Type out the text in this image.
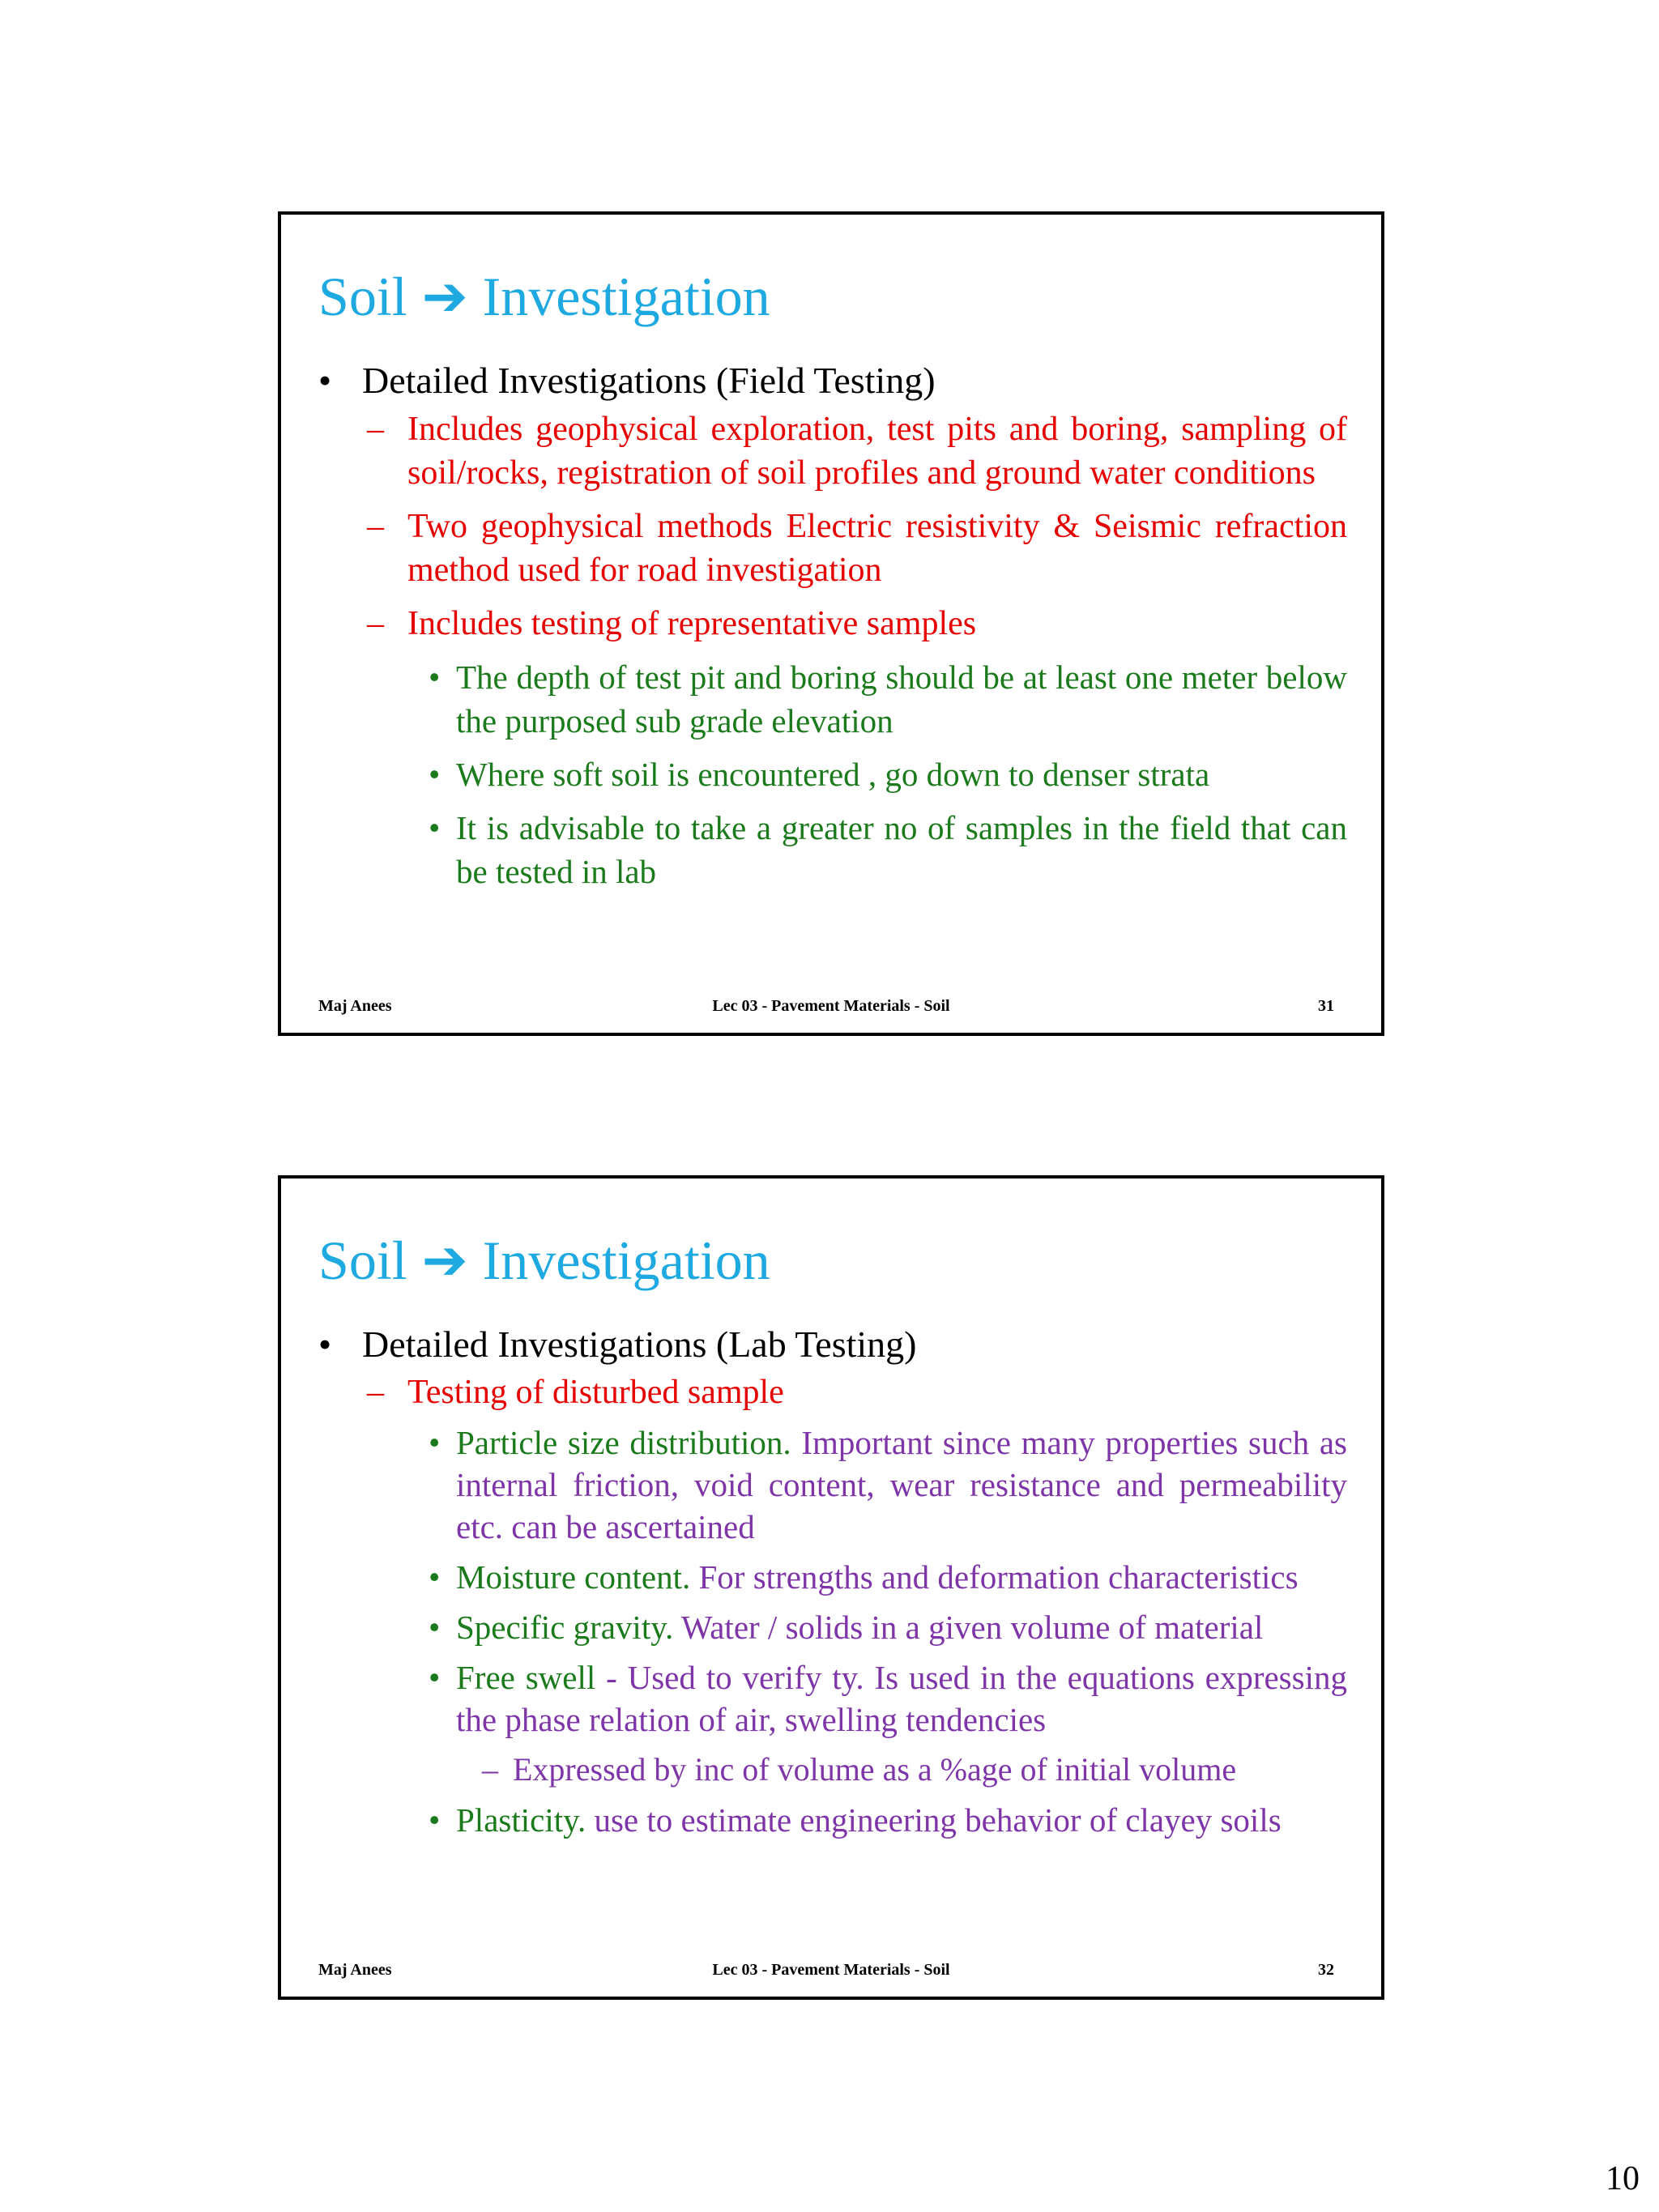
Soil ➔ Investigation
• Detailed Investigations (Field Testing)
– Includes geophysical exploration, test pits and boring, sampling of soil/rocks, registration of soil profiles and ground water conditions
– Two geophysical methods Electric resistivity & Seismic refraction method used for road investigation
– Includes testing of representative samples
• The depth of test pit and boring should be at least one meter below the purposed sub grade elevation
• Where soft soil is encountered , go down to denser strata
• It is advisable to take a greater no of samples in the field that can be tested in lab
Maj Anees	Lec 03 - Pavement Materials - Soil	31
Soil ➔ Investigation
• Detailed Investigations (Lab Testing)
– Testing of disturbed sample
• Particle size distribution. Important since many properties such as internal friction, void content, wear resistance and permeability etc. can be ascertained
• Moisture content. For strengths and deformation characteristics
• Specific gravity. Water / solids in a given volume of material
• Free swell - Used to verify ty. Is used in the equations expressing the phase relation of air, swelling tendencies
– Expressed by inc of volume as a %age of initial volume
• Plasticity. use to estimate engineering behavior of clayey soils
Maj Anees	Lec 03 - Pavement Materials - Soil	32
10
